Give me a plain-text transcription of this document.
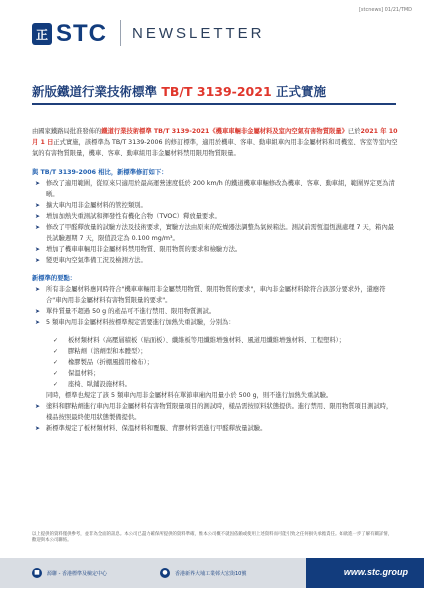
[stcnews] 01/21/TMD
正 STC NEWSLETTER
新版鐵道行業技術標準 TB/T 3139-2021 正式實施

由國家鐵路局批准發佈的鐵道行業技術標準 TB/T 3139-2021《機車車輛非金屬材料及室內空氣有害物質限量》已於2021 年 10 月 1 日正式實施，該標準為 TB/T 3139-2006 的修訂標準，適用於機車、客車、動車組車內用非金屬材料和司機室、客室等室內空氣的有害物質限量，機車、客車、動車組用非金屬材料禁用限用物質限量。

與 TB/T 3139-2006 相比，新標準修訂如下：

➤ 修改了適用範圍，從原來只適用於最高運營速度低於 200 km/h 的鐵道機車車輛修改為機車、客車、動車組，範圍界定更為清晰。
➤ 擴大車內用非金屬材料的管控類別。
➤ 增加加熱失重測試和揮發性有機化合物（TVOC）釋放量要求。
➤ 修改了甲醛釋放量的試驗方法及技術要求，實驗方法由原來的乾燥器法調整為氣候箱法。測試前需恆溫恆濕處理 7 天，箱內最長試驗週期 7 天，限值設定為 0.100 mg/m³。
➤ 增加了機車車輛用非金屬材料禁用物質、限用物質的要求和檢驗方法。
➤ 變更車內空氣準備工況及檢測方法。

新標準的要點：

➤ 所有非金屬材料應同時符合"機車車輛用非金屬禁用物質、限用物質的要求"，車內非金屬材料除符合該部分要求外，還應符合"車內用非金屬材料有害物質限量的要求"。
➤ 單件質量不超過 50 g 的產品可不進行禁用、限用物質測試。
➤ 5 類車內用非金屬材料按標準規定需要進行加熱失重試驗，分別為：
✓ 板材類材料（高壓層積板（貼面板）、纖維板等用纖維增強材料、風道用纖維增強材料、工程塑料）；
✓ 膠粘劑（溶劑型和本體型）；
✓ 橡膠製品（折棚風擋用橡布）；
✓ 保溫材料；
✓ 座椅、臥鋪設施材料。

同時，標準也規定了該 5 類車內用非金屬材料在單節車廂內用量小於 500 g，則不進行加熱失重試驗。

➤ 塗料和膠粘劑進行車內用非金屬材料有害物質限量項目的測試時，樣品需按原料狀態提供。進行禁用、限用物質項目測試時，樣品按照最終使用狀態製備提供。
➤ 新標準規定了板材類材料、保溫材料和覆膜、背膠材料需進行甲醛釋放量試驗。
以上提供的資料僅供參考，並非為全面的訊息。本公司已盡力確保所提供的資料準確，惟本公司概不就因依賴或使用上述資料而可能引致之任何損失承擔責任。如欲進一步了解有關詳情，歡迎與本公司聯絡。
■	源聯 - 香港標準及檢定中心	●	香港新界大埔工業邨大宏街10號	www.stc.group
